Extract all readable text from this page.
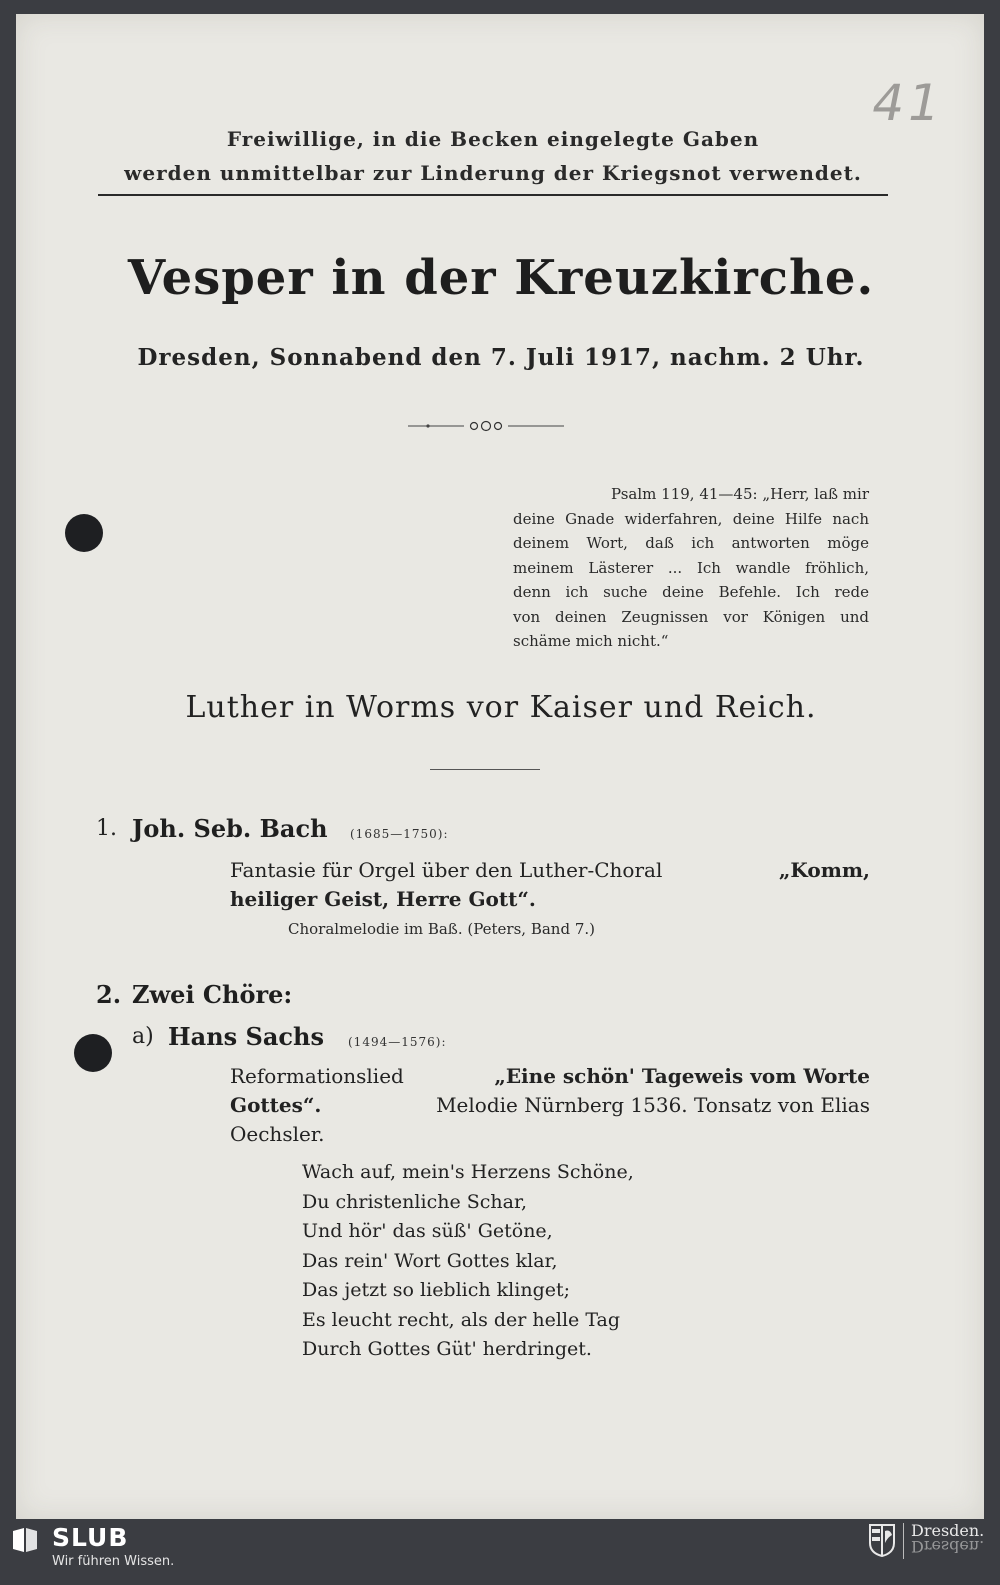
41
Freiwillige, in die Becken eingelegte Gaben
werden unmittelbar zur Linderung der Kriegsnot verwendet.
Vesper in der Kreuzkirche.
Dresden, Sonnabend den 7. Juli 1917, nachm. 2 Uhr.
Psalm 119, 41—45: „Herr, laß mir
deine Gnade widerfahren, deine Hilfe nach
deinem Wort, daß ich antworten möge
meinem Lästerer ... Ich wandle fröhlich,
denn ich suche deine Befehle. Ich rede
von deinen Zeugnissen vor Königen und
schäme mich nicht.“
Luther in Worms vor Kaiser und Reich.
1. Joh. Seb. Bach (1685—1750):
Fantasie für Orgel über den Luther-Choral	„Komm,
heiliger Geist, Herre Gott“.
Choralmelodie im Baß. (Peters, Band 7.)
2. Zwei Chöre:
a) Hans Sachs (1494—1576):
Reformationslied	„Eine schön' Tageweis vom Worte
Gottes“.	Melodie Nürnberg 1536. Tonsatz von Elias
Oechsler.
Wach auf, mein's Herzens Schöne,
Du christenliche Schar,
Und hör' das süß' Getöne,
Das rein' Wort Gottes klar,
Das jetzt so lieblich klinget;
Es leucht recht, als der helle Tag
Durch Gottes Güt' herdringet.
SLUB
Wir führen Wissen.
Dresden.
Dresden.
